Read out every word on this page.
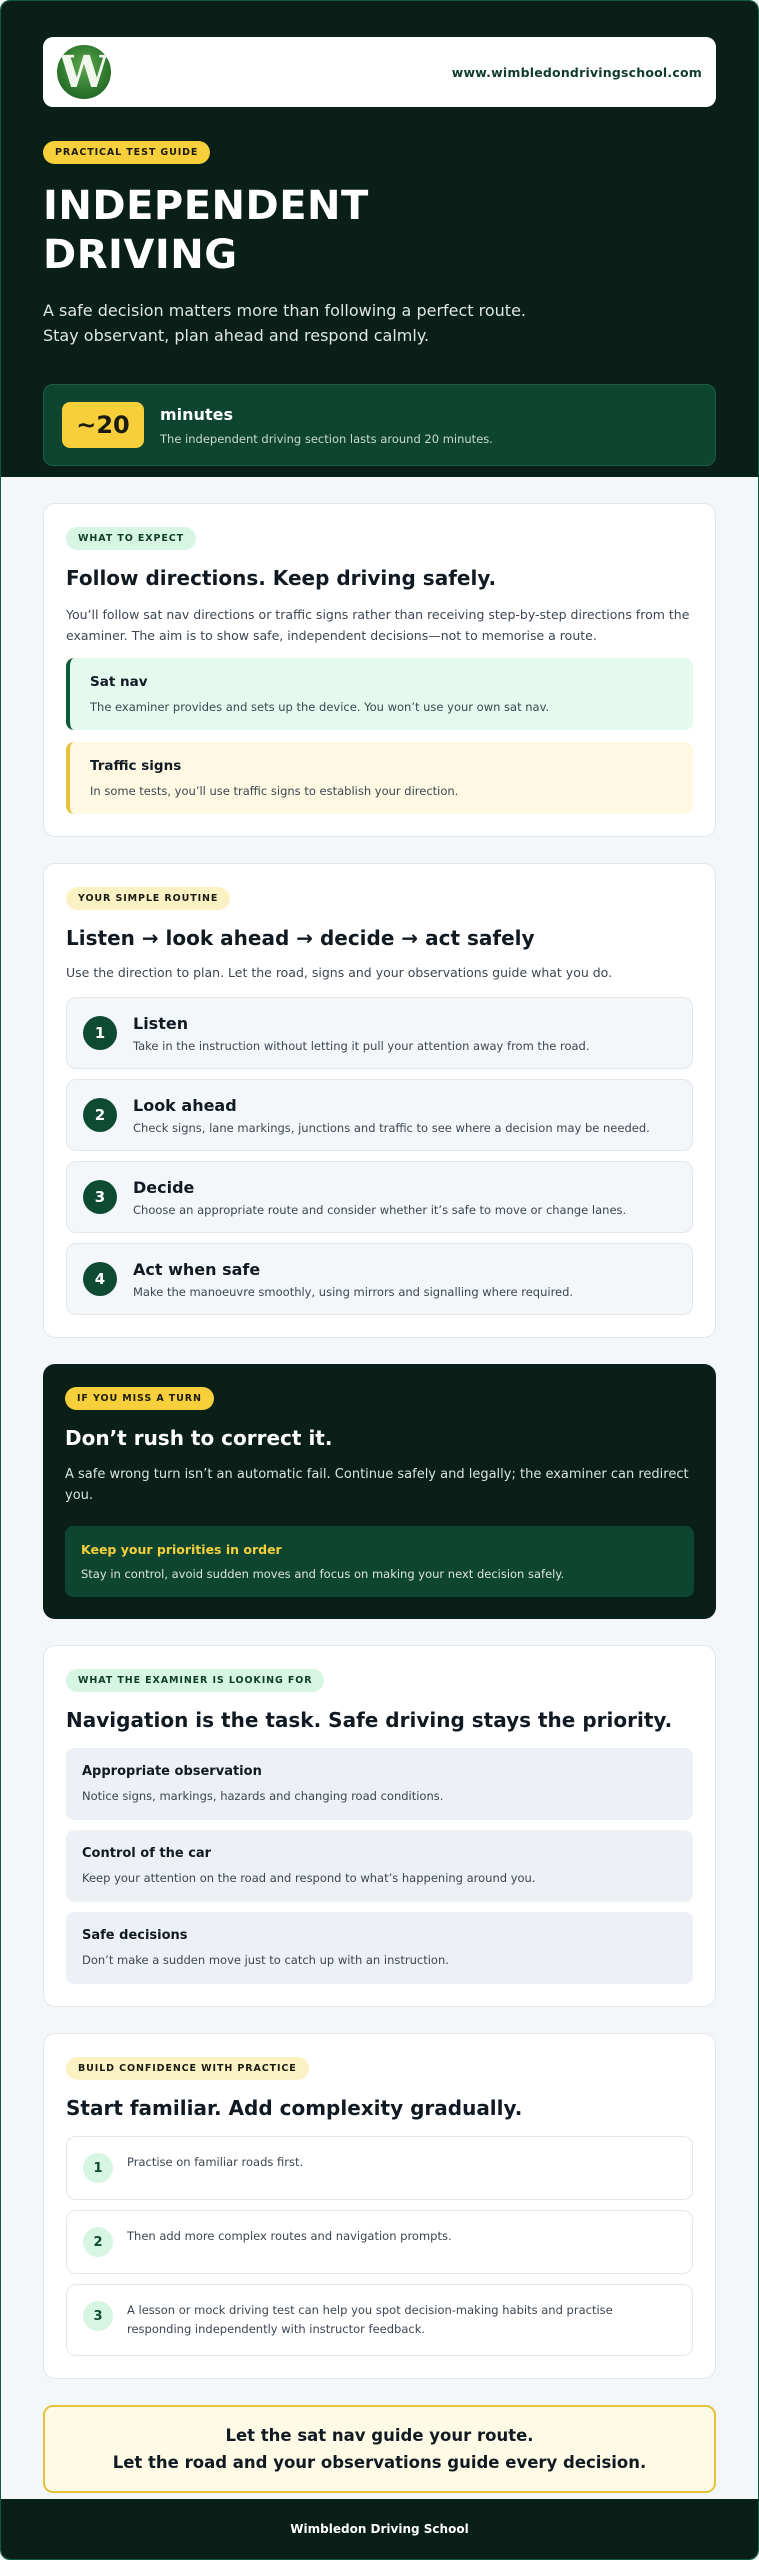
W	www.wimbledondrivingschool.com
PRACTICAL TEST GUIDE
INDEPENDENT DRIVING

A safe decision matters more than following a perfect route. Stay observant, plan ahead and respond calmly.

~20	minutes
The independent driving section lasts around 20 minutes.
WHAT TO EXPECT
Follow directions. Keep driving safely.

You’ll follow sat nav directions or traffic signs rather than receiving step-by-step directions from the examiner. The aim is to show safe, independent decisions—not to memorise a route.

Sat nav
The examiner provides and sets up the device. You won’t use your own sat nav.
Traffic signs
In some tests, you’ll use traffic signs to establish your direction.
YOUR SIMPLE ROUTINE
Listen → look ahead → decide → act safely

Use the direction to plan. Let the road, signs and your observations guide what you do.

1
Listen
Take in the instruction without letting it pull your attention away from the road.
2
Look ahead
Check signs, lane markings, junctions and traffic to see where a decision may be needed.
3
Decide
Choose an appropriate route and consider whether it’s safe to move or change lanes.
4
Act when safe
Make the manoeuvre smoothly, using mirrors and signalling where required.
IF YOU MISS A TURN
Don’t rush to correct it.

A safe wrong turn isn’t an automatic fail. Continue safely and legally; the examiner can redirect you.

Keep your priorities in order
Stay in control, avoid sudden moves and focus on making your next decision safely.
WHAT THE EXAMINER IS LOOKING FOR
Navigation is the task. Safe driving stays the priority.
Appropriate observation
Notice signs, markings, hazards and changing road conditions.
Control of the car
Keep your attention on the road and respond to what’s happening around you.
Safe decisions
Don’t make a sudden move just to catch up with an instruction.
BUILD CONFIDENCE WITH PRACTICE
Start familiar. Add complexity gradually.
1	Practise on familiar roads first.
2	Then add more complex routes and navigation prompts.
3	A lesson or mock driving test can help you spot decision-making habits and practise responding independently with instructor feedback.
Let the sat nav guide your route.
Let the road and your observations guide every decision.
Wimbledon Driving School
